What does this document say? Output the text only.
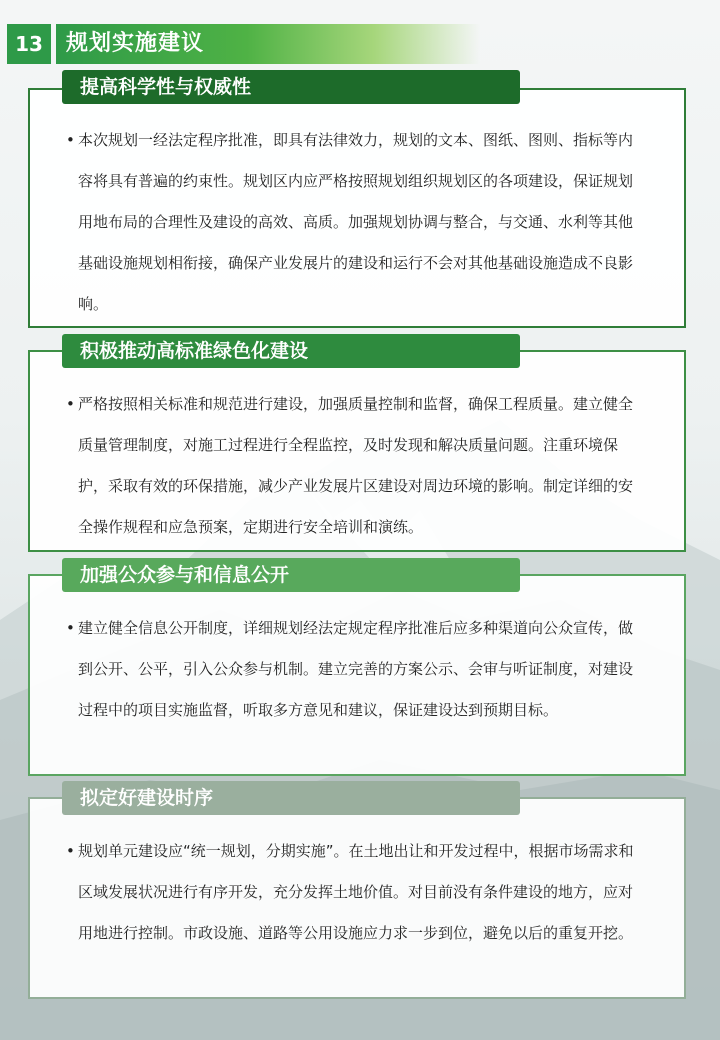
13	规划实施建议
提高科学性与权威性
• 本次规划一经法定程序批准，即具有法律效力，规划的文本、图纸、图则、指标等内容将具有普遍的约束性。规划区内应严格按照规划组织规划区的各项建设，保证规划用地布局的合理性及建设的高效、高质。加强规划协调与整合，与交通、水利等其他基础设施规划相衔接，确保产业发展片的建设和运行不会对其他基础设施造成不良影响。
积极推动高标准绿色化建设
• 严格按照相关标准和规范进行建设，加强质量控制和监督，确保工程质量。建立健全质量管理制度，对施工过程进行全程监控，及时发现和解决质量问题。注重环境保护，采取有效的环保措施，减少产业发展片区建设对周边环境的影响。制定详细的安全操作规程和应急预案，定期进行安全培训和演练。
加强公众参与和信息公开
• 建立健全信息公开制度，详细规划经法定规定程序批准后应多种渠道向公众宣传，做到公开、公平，引入公众参与机制。建立完善的方案公示、会审与听证制度，对建设过程中的项目实施监督，听取多方意见和建议，保证建设达到预期目标。
拟定好建设时序
• 规划单元建设应“统一规划，分期实施”。在土地出让和开发过程中，根据市场需求和区域发展状况进行有序开发，充分发挥土地价值。对目前没有条件建设的地方，应对用地进行控制。市政设施、道路等公用设施应力求一步到位，避免以后的重复开挖。
